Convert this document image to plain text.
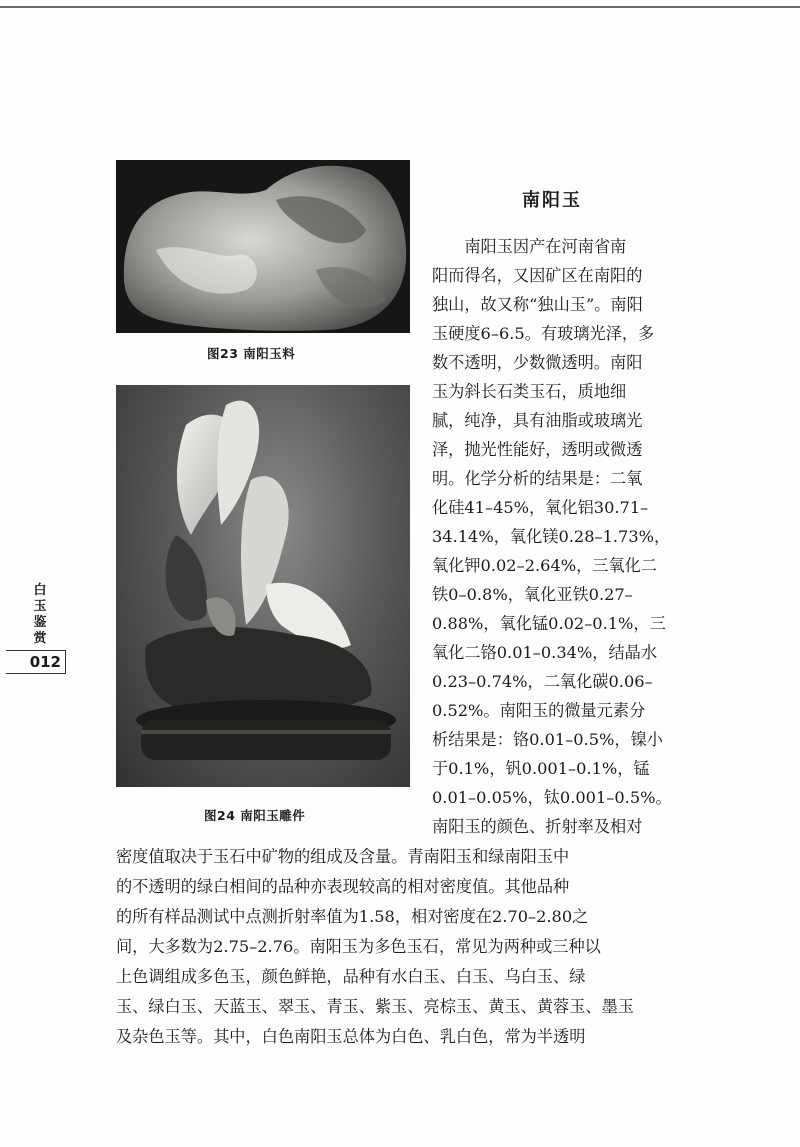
图23 南阳玉料
图24 南阳玉雕件
南阳玉
　　南阳玉因产在河南省南
阳而得名，又因矿区在南阳的
独山，故又称“独山玉”。南阳
玉硬度6–6.5。有玻璃光泽，多
数不透明，少数微透明。南阳
玉为斜长石类玉石，质地细
腻，纯净，具有油脂或玻璃光
泽，抛光性能好，透明或微透
明。化学分析的结果是：二氧
化硅41–45%，氧化铝30.71–
34.14%，氧化镁0.28–1.73%，
氧化钾0.02–2.64%，三氧化二
铁0–0.8%，氧化亚铁0.27–
0.88%，氧化锰0.02–0.1%，三
氧化二铬0.01–0.34%，结晶水
0.23–0.74%，二氧化碳0.06–
0.52%。南阳玉的微量元素分
析结果是：铬0.01–0.5%，镍小
于0.1%，钒0.001–0.1%，锰
0.01–0.05%，钛0.001–0.5%。
南阳玉的颜色、折射率及相对
密度值取决于玉石中矿物的组成及含量。青南阳玉和绿南阳玉中
的不透明的绿白相间的品种亦表现较高的相对密度值。其他品种
的所有样品测试中点测折射率值为1.58，相对密度在2.70–2.80之
间，大多数为2.75–2.76。南阳玉为多色玉石，常见为两种或三种以
上色调组成多色玉，颜色鲜艳，品种有水白玉、白玉、乌白玉、绿
玉、绿白玉、天蓝玉、翠玉、青玉、紫玉、亮棕玉、黄玉、黄蓉玉、墨玉
及杂色玉等。其中，白色南阳玉总体为白色、乳白色，常为半透明
白
玉
鉴
赏
012
